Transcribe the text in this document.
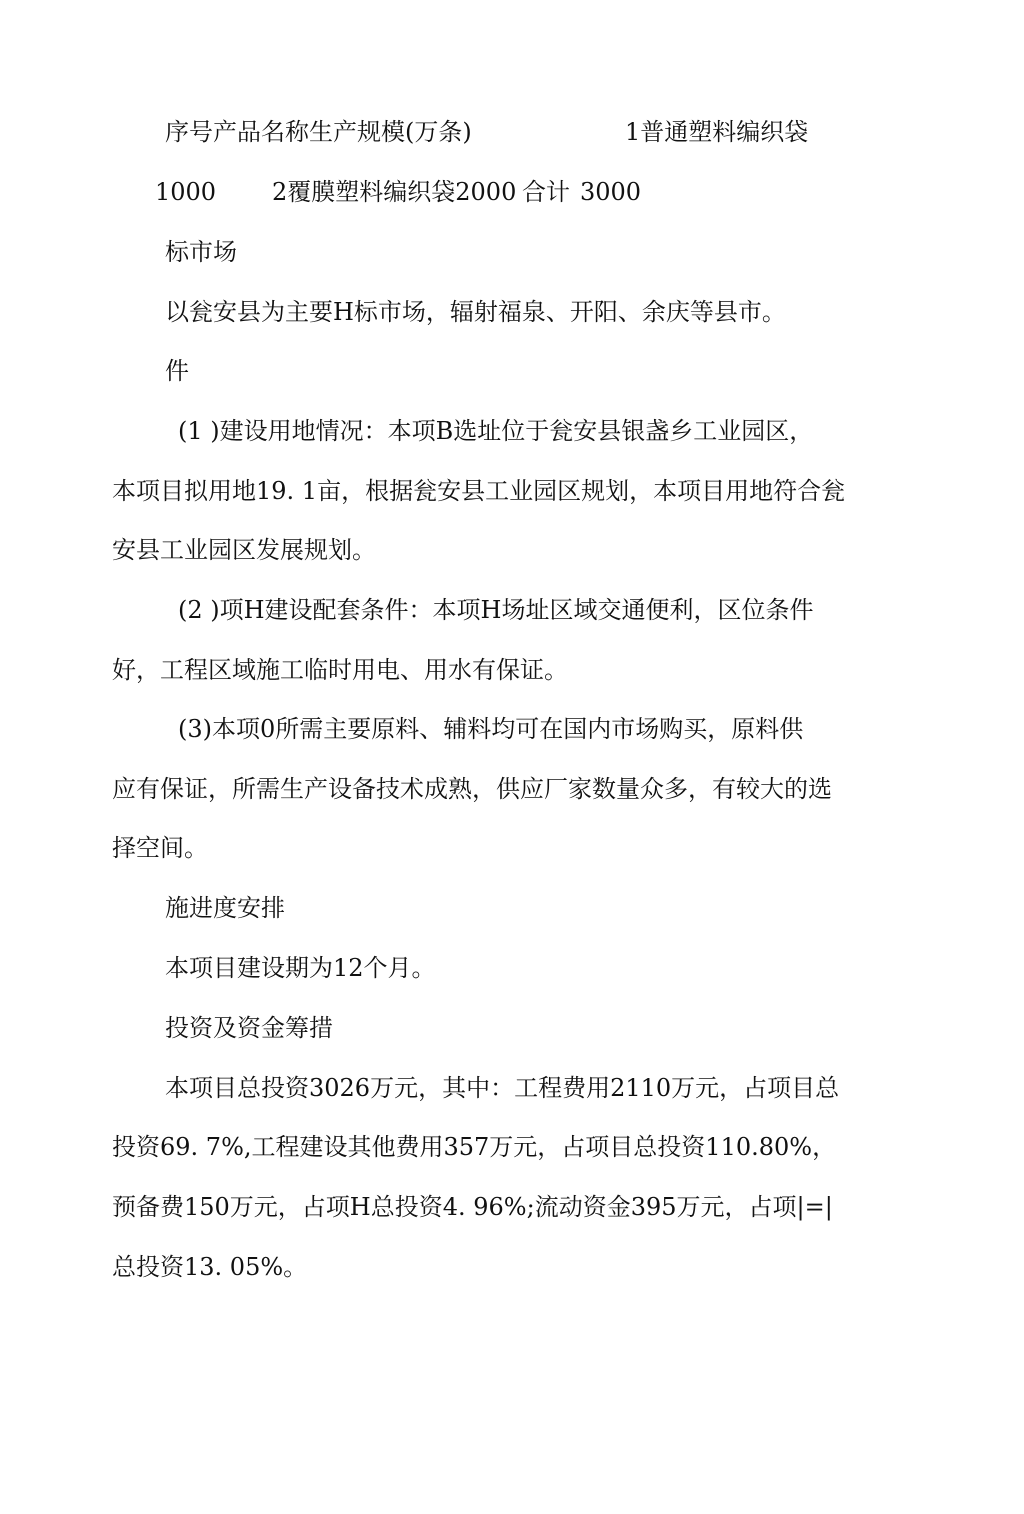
序号产品名称生产规模(万条)	1普通塑料编织袋
1000 2覆膜塑料编织袋2000 合计 3000
标市场
以瓮安县为主要H标市场，辐射福泉、开阳、余庆等县市。
件
(1 )建设用地情况：本项B选址位于瓮安县银盏乡工业园区，
本项目拟用地19. 1亩，根据瓮安县工业园区规划，本项目用地符合瓮
安县工业园区发展规划。
(2 )项H建设配套条件：本项H场址区域交通便利，区位条件
好，工程区域施工临时用电、用水有保证。
(3)本项0所需主要原料、辅料均可在国内市场购买，原料供
应有保证，所需生产设备技术成熟，供应厂家数量众多，有较大的选
择空间。
施进度安排
本项目建设期为12个月。
投资及资金筹措
本项目总投资3026万元，其中：工程费用2110万元，占项目总
投资69. 7%,工程建设其他费用357万元，占项目总投资110.80%，
预备费150万元，占项H总投资4. 96%;流动资金395万元，占项|=|
总投资13. 05%。
